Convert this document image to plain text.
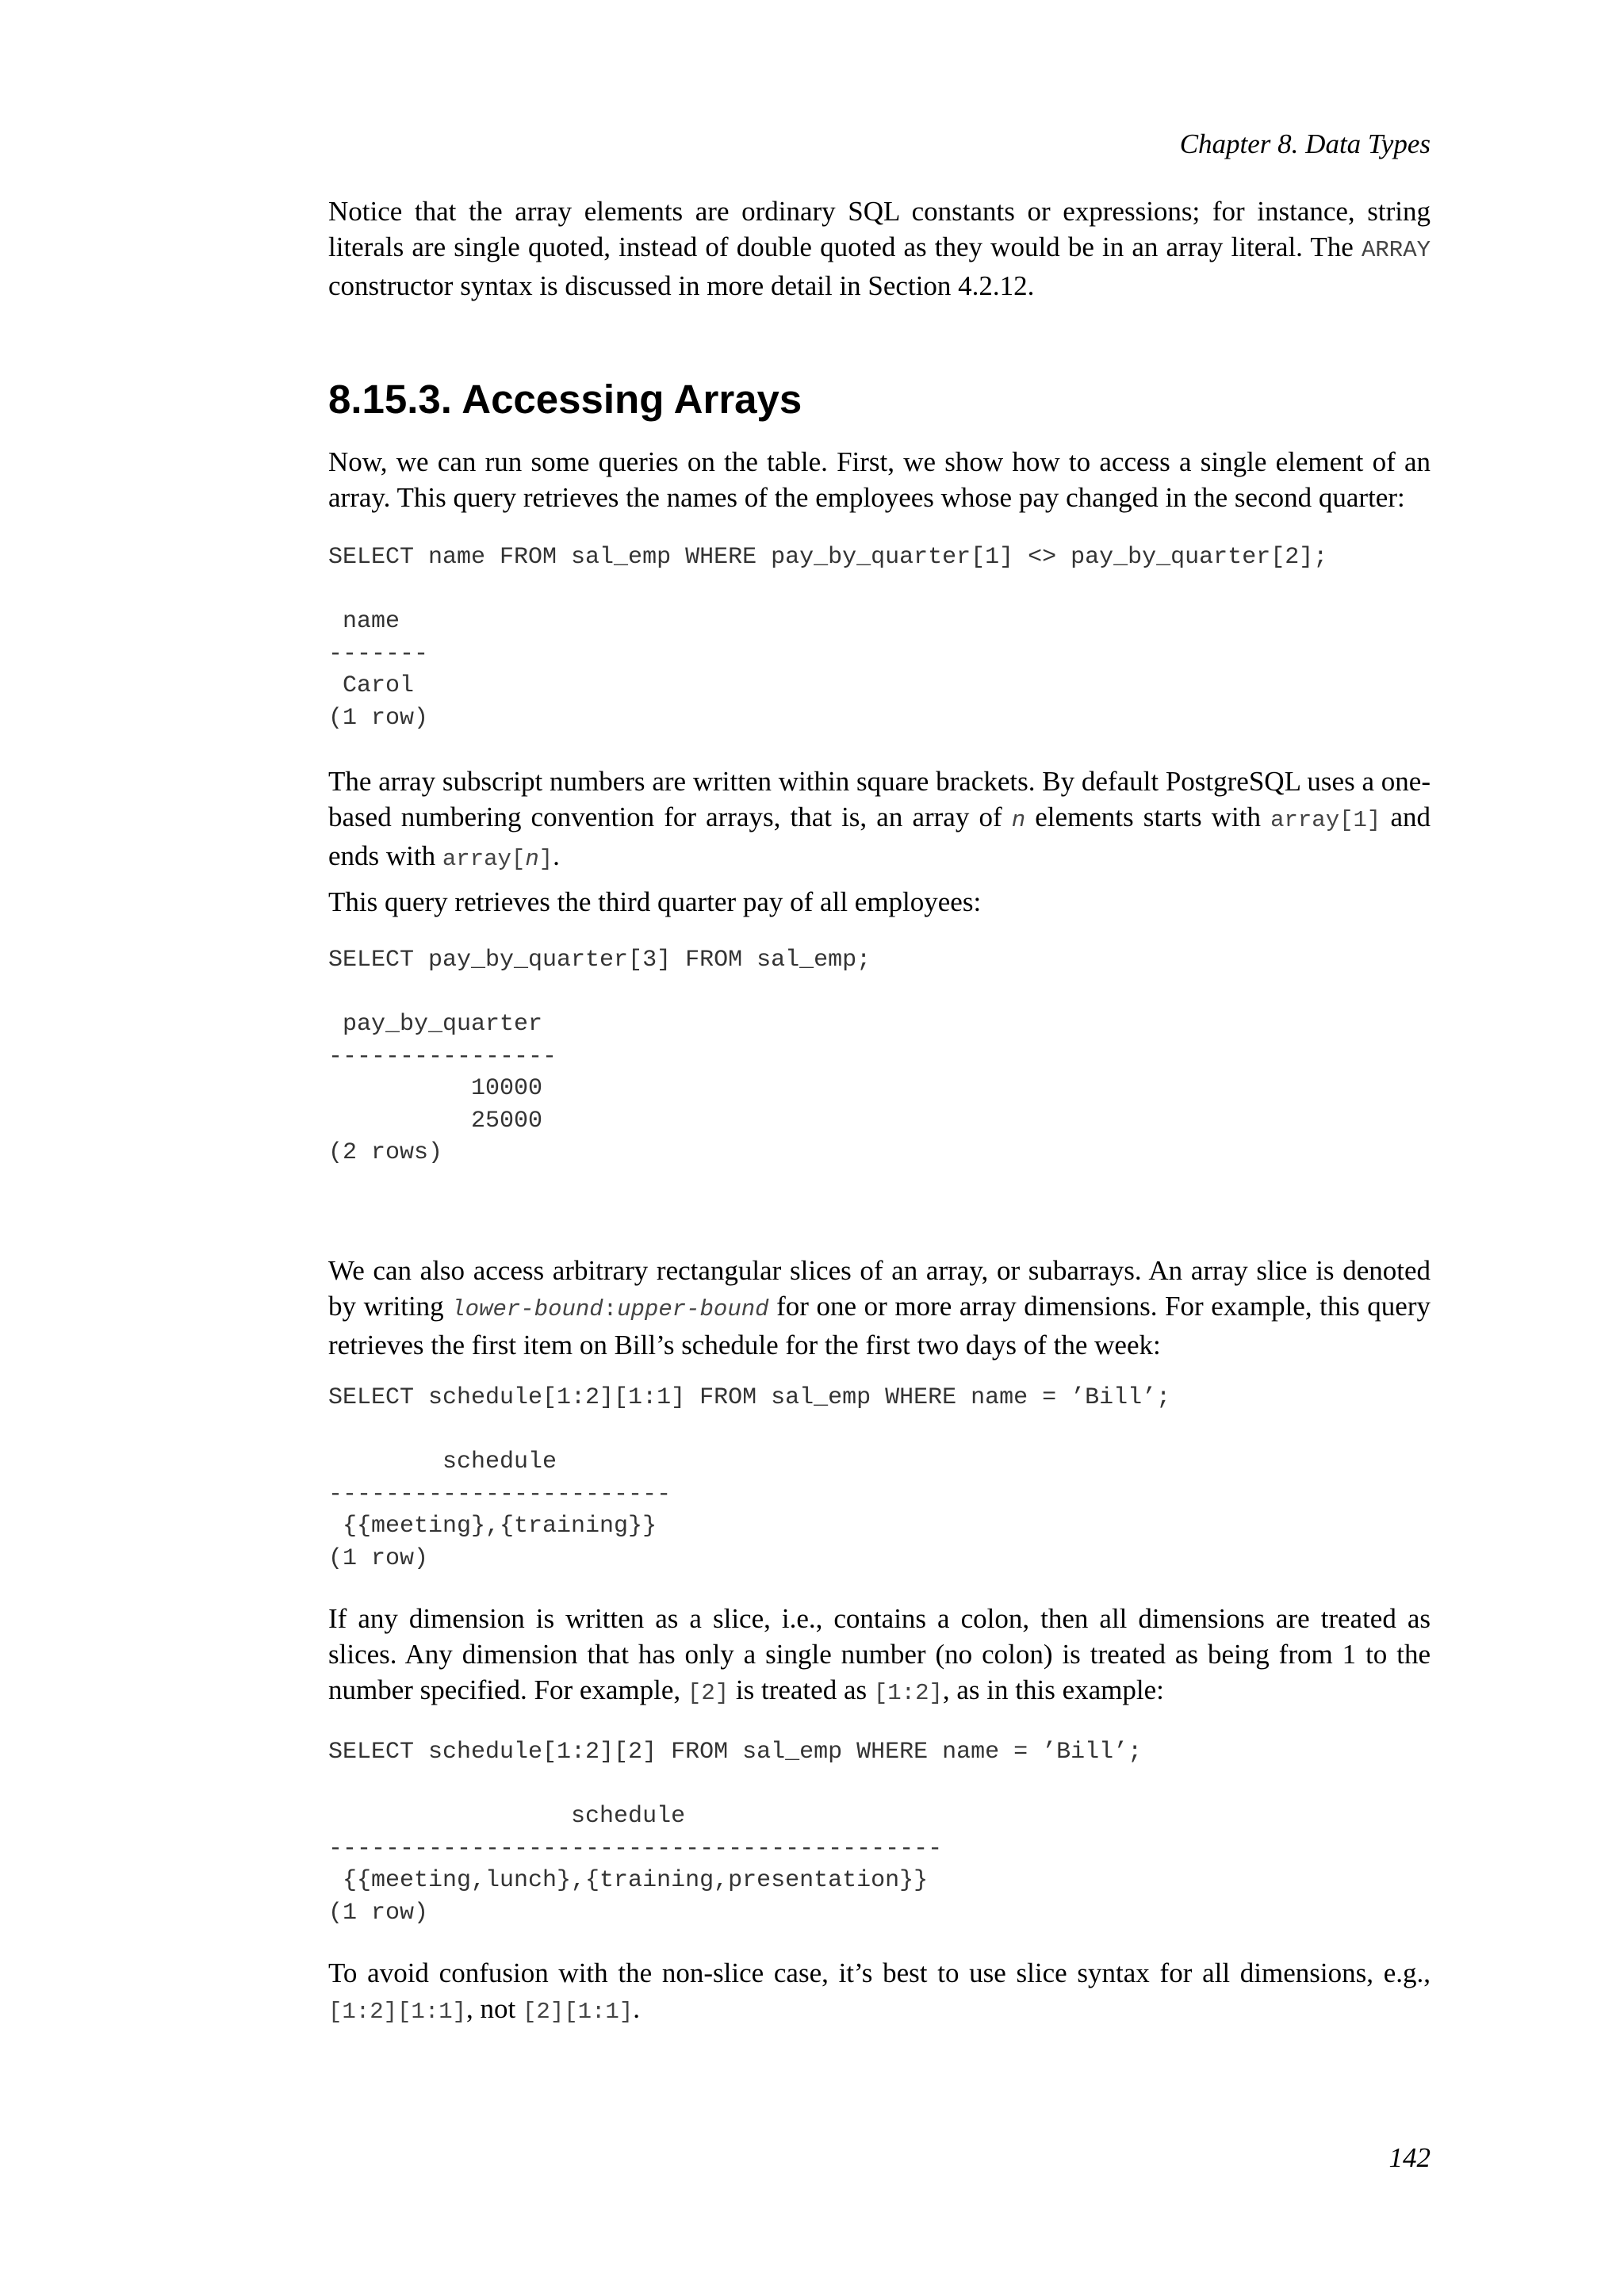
Chapter 8. Data Types

Notice that the array elements are ordinary SQL constants or expressions; for instance, string literals are single quoted, instead of double quoted as they would be in an array literal. The ARRAY constructor syntax is discussed in more detail in Section 4.2.12.

8.15.3. Accessing Arrays

Now, we can run some queries on the table. First, we show how to access a single element of an array. This query retrieves the names of the employees whose pay changed in the second quarter:

SELECT name FROM sal_emp WHERE pay_by_quarter[1] <> pay_by_quarter[2];

name
-------
Carol
(1 row)

The array subscript numbers are written within square brackets. By default PostgreSQL uses a one-based numbering convention for arrays, that is, an array of n elements starts with array[1] and ends with array[n].

This query retrieves the third quarter pay of all employees:

SELECT pay_by_quarter[3] FROM sal_emp;

pay_by_quarter
----------------
10000
25000
(2 rows)

We can also access arbitrary rectangular slices of an array, or subarrays. An array slice is denoted by writing lower-bound:upper-bound for one or more array dimensions. For example, this query retrieves the first item on Bill’s schedule for the first two days of the week:

SELECT schedule[1:2][1:1] FROM sal_emp WHERE name = ’Bill’;

schedule
------------------------
{{meeting},{training}}
(1 row)

If any dimension is written as a slice, i.e., contains a colon, then all dimensions are treated as slices. Any dimension that has only a single number (no colon) is treated as being from 1 to the number specified. For example, [2] is treated as [1:2], as in this example:

SELECT schedule[1:2][2] FROM sal_emp WHERE name = ’Bill’;

schedule
-------------------------------------------
{{meeting,lunch},{training,presentation}}
(1 row)

To avoid confusion with the non-slice case, it’s best to use slice syntax for all dimensions, e.g., [1:2][1:1], not [2][1:1].

142
